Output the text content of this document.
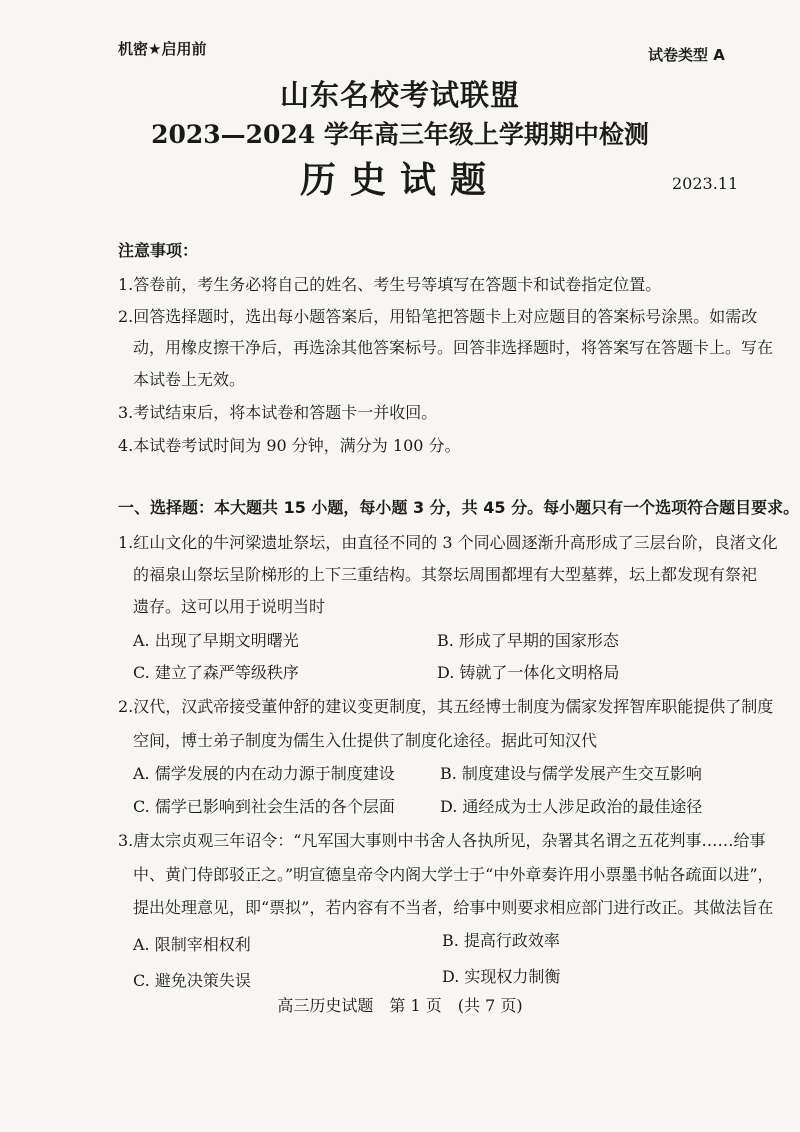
机密★启用前	试卷类型 A
山东名校考试联盟
2023—2024 学年高三年级上学期期中检测
历史试题	2023.11
注意事项：
1.答卷前，考生务必将自己的姓名、考生号等填写在答题卡和试卷指定位置。
2.回答选择题时，选出每小题答案后，用铅笔把答题卡上对应题目的答案标号涂黑。如需改
动，用橡皮擦干净后，再选涂其他答案标号。回答非选择题时，将答案写在答题卡上。写在
本试卷上无效。
3.考试结束后，将本试卷和答题卡一并收回。
4.本试卷考试时间为 90 分钟，满分为 100 分。
一、选择题：本大题共 15 小题，每小题 3 分，共 45 分。每小题只有一个选项符合题目要求。
1.红山文化的牛河梁遗址祭坛，由直径不同的 3 个同心圆逐渐升高形成了三层台阶，良渚文化
的福泉山祭坛呈阶梯形的上下三重结构。其祭坛周围都埋有大型墓葬，坛上都发现有祭祀
遗存。这可以用于说明当时
A. 出现了早期文明曙光	B. 形成了早期的国家形态
C. 建立了森严等级秩序	D. 铸就了一体化文明格局
2.汉代，汉武帝接受董仲舒的建议变更制度，其五经博士制度为儒家发挥智库职能提供了制度
空间，博士弟子制度为儒生入仕提供了制度化途径。据此可知汉代
A. 儒学发展的内在动力源于制度建设	B. 制度建设与儒学发展产生交互影响
C. 儒学已影响到社会生活的各个层面	D. 通经成为士人涉足政治的最佳途径
3.唐太宗贞观三年诏令：“凡军国大事则中书舍人各执所见，杂署其名谓之五花判事……给事
中、黄门侍郎驳正之。”明宣德皇帝令内阁大学士于“中外章奏许用小票墨书帖各疏面以进”，
提出处理意见，即“票拟”，若内容有不当者，给事中则要求相应部门进行改正。其做法旨在
A. 限制宰相权利	B. 提高行政效率
C. 避免决策失误	D. 实现权力制衡
高三历史试题　第 1 页　(共 7 页)
